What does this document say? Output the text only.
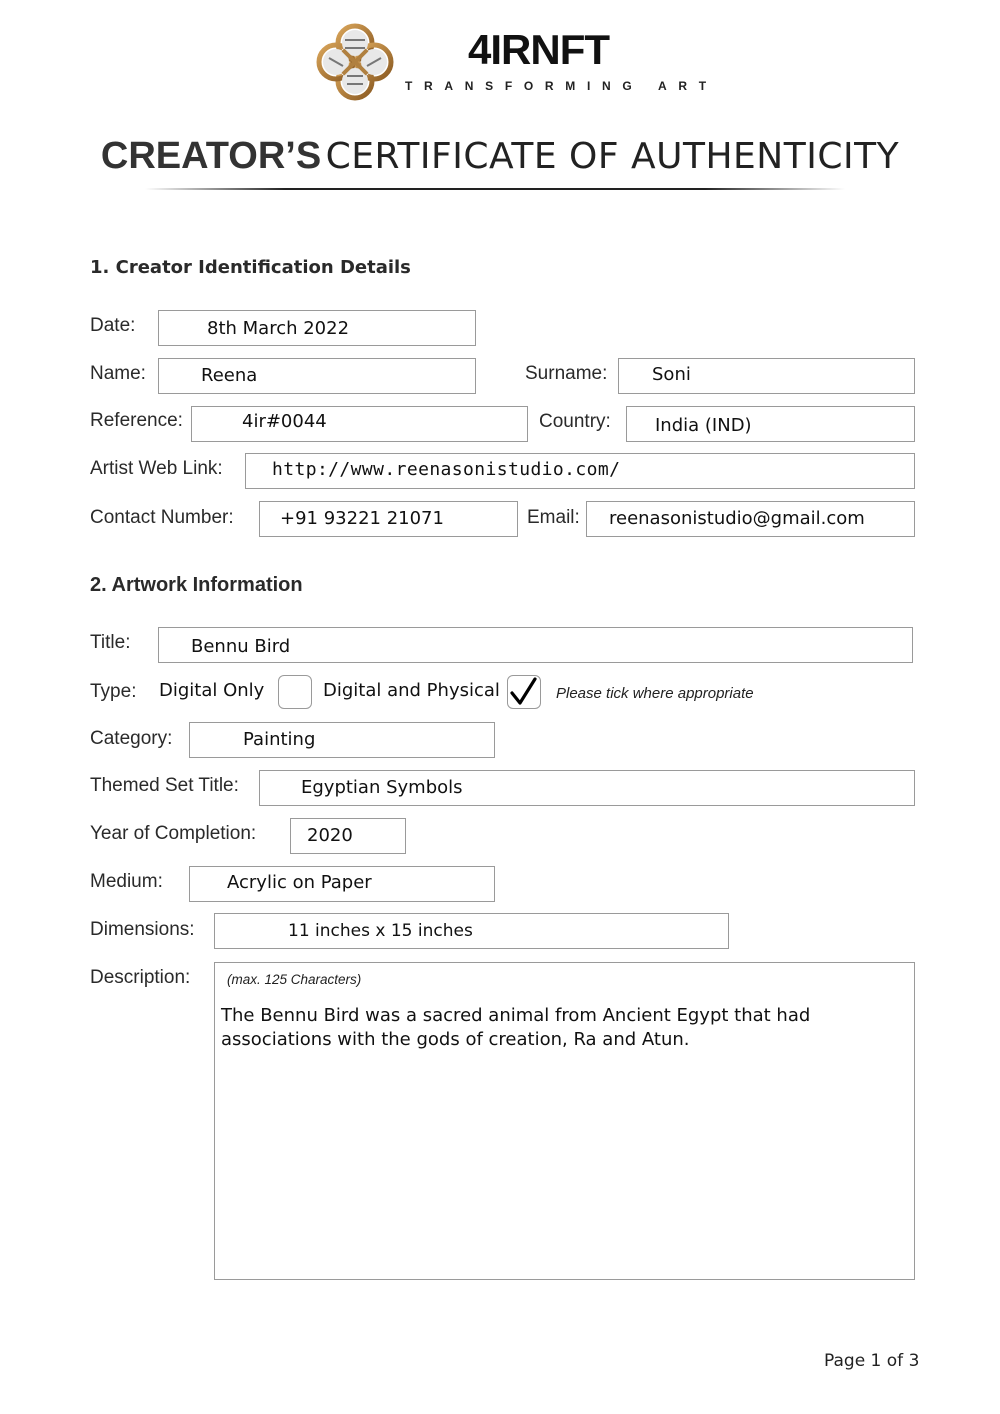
4IRNFT
TRANSFORMING ART
CREATOR’S CERTIFICATE OF AUTHENTICITY
1. Creator Identification Details
Date:	8th March 2022
Name:	Reena	Surname: Soni
Reference:	4ir#0044	Country: India (IND)
Artist Web Link:	http://www.reenasonistudio.com/
Contact Number:	+91 93221 21071	Email: reenasonistudio@gmail.com
2. Artwork Information
Title:	Bennu Bird
Type: Digital Only	Digital and Physical	Please tick where appropriate
Category:	Painting
Themed Set Title:	Egyptian Symbols
Year of Completion:	2020
Medium:	Acrylic on Paper
Dimensions:	11 inches x 15 inches
Description:	(max. 125 Characters)
The Bennu Bird was a sacred animal from Ancient Egypt that had associations with the gods of creation, Ra and Atun.
Page 1 of 3
